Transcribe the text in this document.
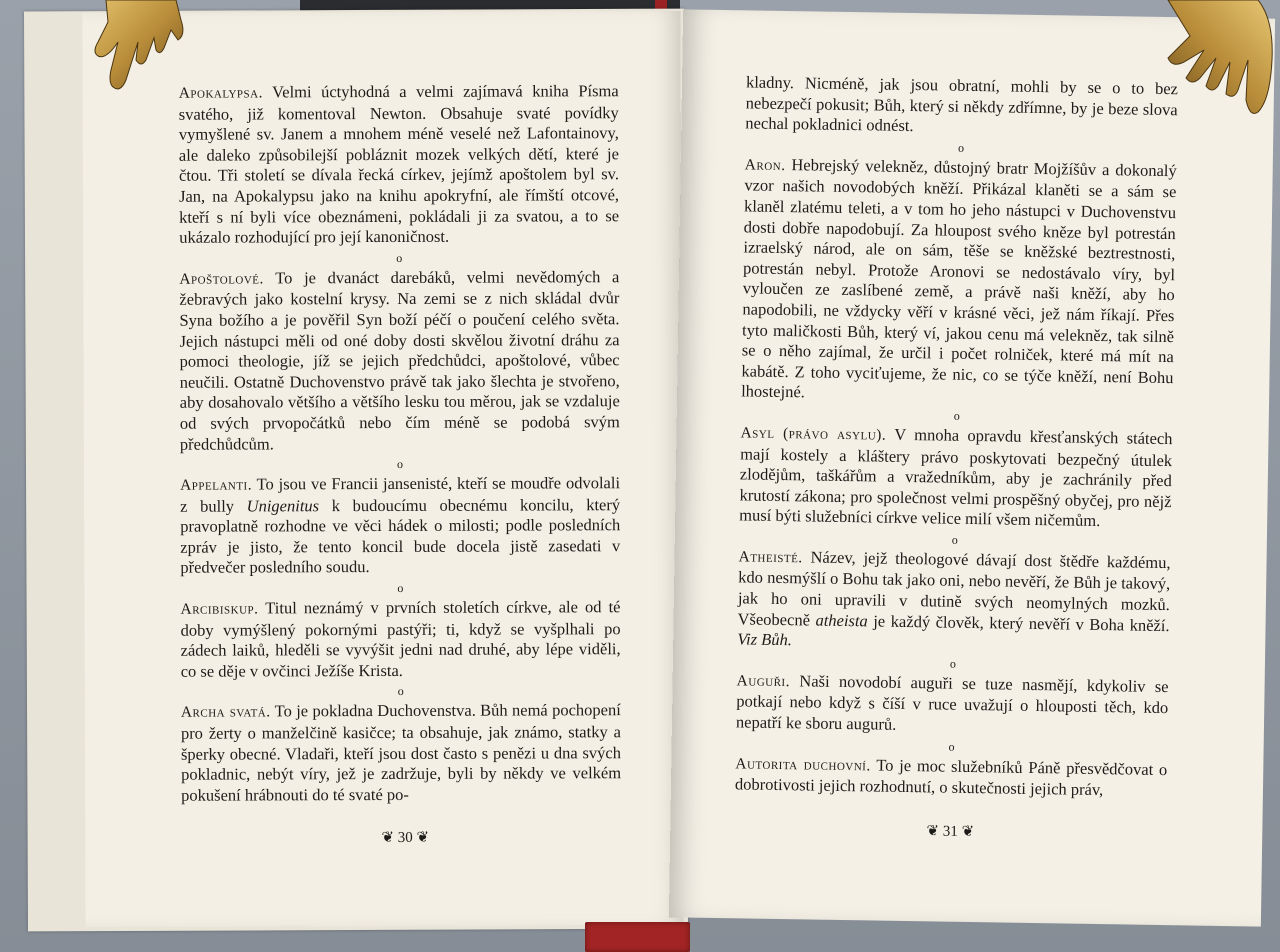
Apokalypsa. Velmi úctyhodná a velmi zajímavá kniha Písma svatého, již komentoval Newton. Obsahuje svaté povídky vymyšlené sv. Janem a mnohem méně veselé než Lafontainovy, ale daleko způsobilejší pobláznit mozek velkých dětí, které je čtou. Tři století se dívala řecká církev, jejímž apoštolem byl sv. Jan, na Apokalypsu jako na knihu apokryfní, ale římští otcové, kteří s ní byli více obeznámeni, pokládali ji za svatou, a to se ukázalo rozhodující pro její kanoničnost.

o

Apoštolové. To je dvanáct darebáků, velmi nevědomých a žebravých jako kostelní krysy. Na zemi se z nich skládal dvůr Syna božího a je pověřil Syn boží péčí o poučení celého světa. Jejich nástupci měli od oné doby dosti skvělou životní dráhu za pomoci theologie, jíž se jejich předchůdci, apoštolové, vůbec neučili. Ostatně Duchovenstvo právě tak jako šlechta je stvořeno, aby dosahovalo většího a většího lesku tou měrou, jak se vzdaluje od svých prvopočátků nebo čím méně se podobá svým předchůdcům.

o

Appelanti. To jsou ve Francii jansenisté, kteří se moudře odvolali z bully Unigenitus k budoucímu obecnému koncilu, který pravoplatně rozhodne ve věci hádek o milosti; podle posledních zpráv je jisto, že tento koncil bude docela jistě zasedati v předvečer posledního soudu.

o

Arcibiskup. Titul neznámý v prvních stoletích církve, ale od té doby vymýšlený pokornými pastýři; ti, když se vyšplhali po zádech laiků, hleděli se vyvýšit jedni nad druhé, aby lépe viděli, co se děje v ovčinci Ježíše Krista.

o

Archa svatá. To je pokladna Duchovenstva. Bůh nemá pochopení pro žerty o manželčině kasičce; ta obsahuje, jak známo, statky a šperky obecné. Vladaři, kteří jsou dost často s penězi u dna svých pokladnic, nebýt víry, jež je zadržuje, byli by někdy ve velkém pokušení hrábnouti do té svaté po-

❦ 30 ❦

kladny. Nicméně, jak jsou obratní, mohli by se o to bez nebezpečí pokusit; Bůh, který si někdy zdřímne, by je beze slova nechal pokladnici odnést.

o

Aron. Hebrejský velekněz, důstojný bratr Mojžíšův a dokonalý vzor našich novodobých kněží. Přikázal klaněti se a sám se klaněl zlatému teleti, a v tom ho jeho nástupci v Duchovenstvu dosti dobře napodobují. Za hloupost svého kněze byl potrestán izraelský národ, ale on sám, těše se kněžské beztrestnosti, potrestán nebyl. Protože Aronovi se nedostávalo víry, byl vyloučen ze zaslíbené země, a právě naši kněží, aby ho napodobili, ne vždycky věří v krásné věci, jež nám říkají. Přes tyto maličkosti Bůh, který ví, jakou cenu má velekněz, tak silně se o něho zajímal, že určil i počet rolniček, které má mít na kabátě. Z toho vyciťujeme, že nic, co se týče kněží, není Bohu lhostejné.

o

Asyl (právo asylu). V mnoha opravdu křesťanských státech mají kostely a kláštery právo poskytovati bezpečný útulek zlodějům, taškářům a vražedníkům, aby je zachránily před krutostí zákona; pro společnost velmi prospěšný obyčej, pro nějž musí býti služebníci církve velice milí všem ničemům.

o

Atheisté. Název, jejž theologové dávají dost štědře každému, kdo nesmýšlí o Bohu tak jako oni, nebo nevěří, že Bůh je takový, jak ho oni upravili v dutině svých neomylných mozků. Všeobecně atheista je každý člověk, který nevěří v Boha kněží. Viz Bůh.

o

Auguři. Naši novodobí auguři se tuze nasmějí, kdykoliv se potkají nebo když s číší v ruce uvažují o hlouposti těch, kdo nepatří ke sboru augurů.

o

Autorita duchovní. To je moc služebníků Páně přesvědčovat o dobrotivosti jejich rozhodnutí, o skutečnosti jejich práv,

❦ 31 ❦
